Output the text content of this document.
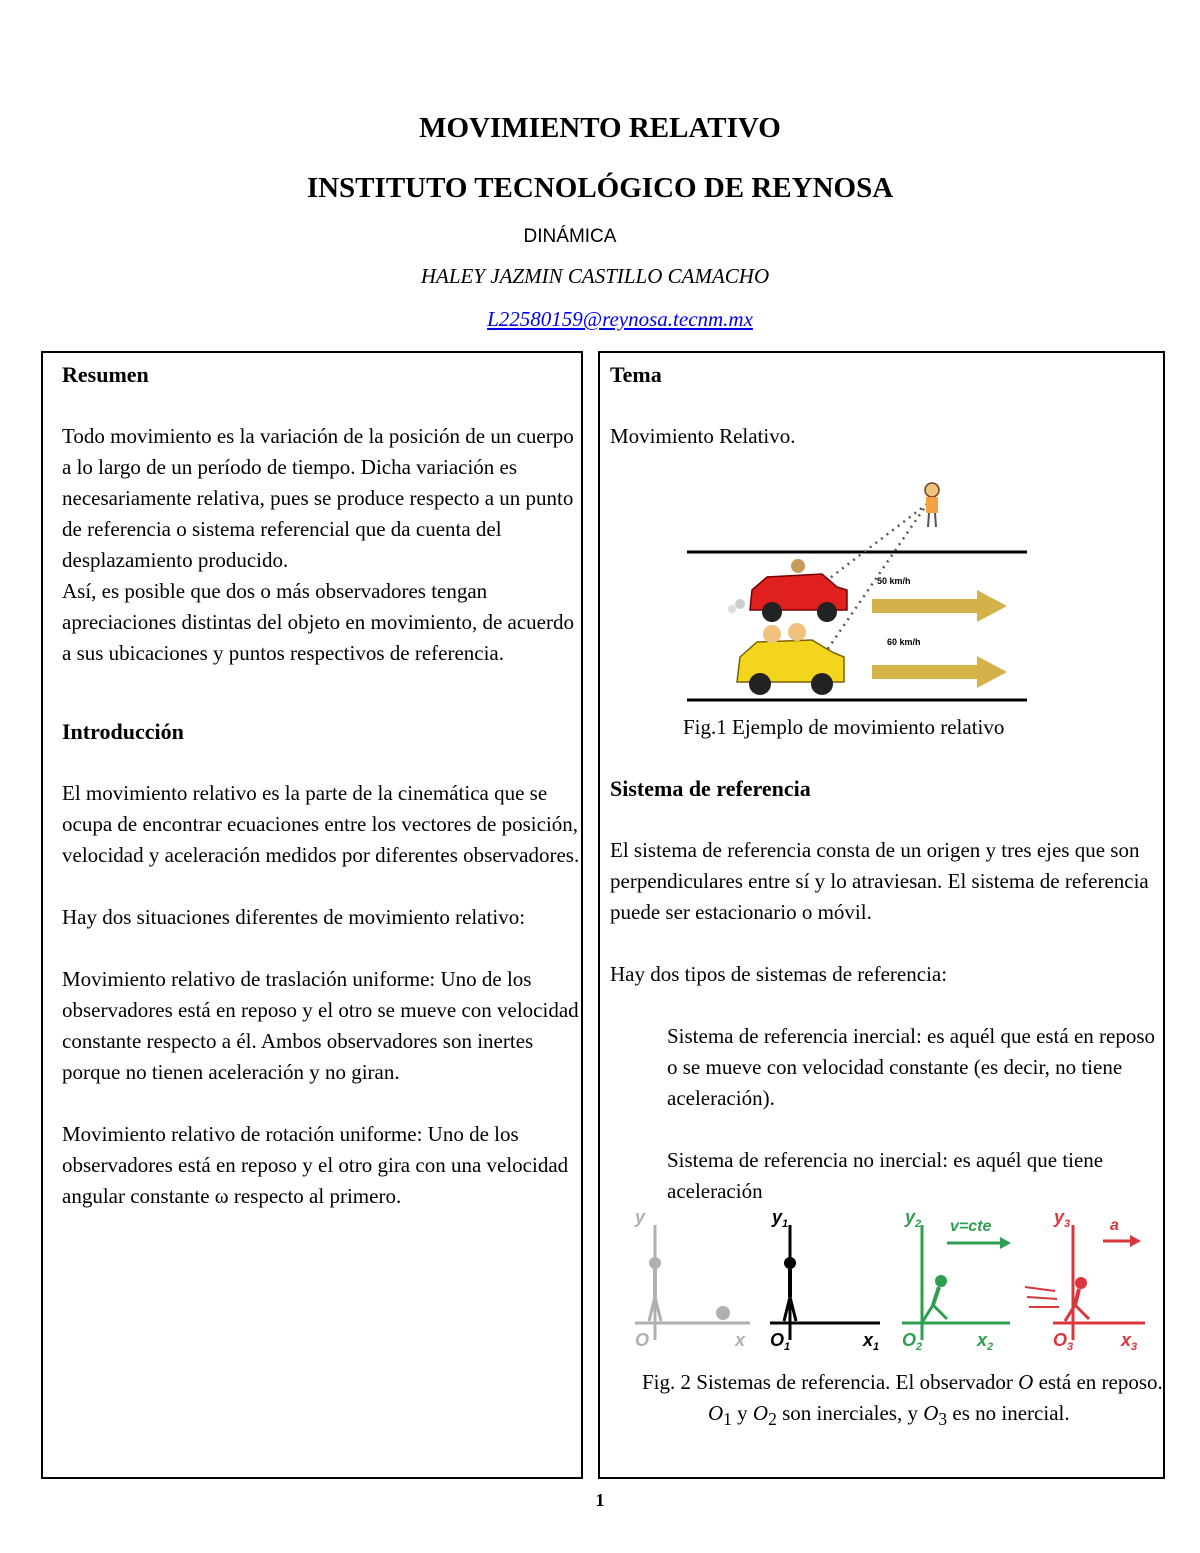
MOVIMIENTO RELATIVO
INSTITUTO TECNOLÓGICO DE REYNOSA
DINÁMICA
HALEY JAZMIN CASTILLO CAMACHO
L22580159@reynosa.tecnm.mx
Resumen

Todo movimiento es la variación de la posición de un cuerpo a lo largo de un período de tiempo. Dicha variación es necesariamente relativa, pues se produce respecto a un punto de referencia o sistema referencial que da cuenta del desplazamiento producido.

Así, es posible que dos o más observadores tengan apreciaciones distintas del objeto en movimiento, de acuerdo a sus ubicaciones y puntos respectivos de referencia.

Introducción

El movimiento relativo es la parte de la cinemática que se ocupa de encontrar ecuaciones entre los vectores de posición, velocidad y aceleración medidos por diferentes observadores.

Hay dos situaciones diferentes de movimiento relativo:

Movimiento relativo de traslación uniforme: Uno de los observadores está en reposo y el otro se mueve con velocidad constante respecto a él. Ambos observadores son inertes porque no tienen aceleración y no giran.

Movimiento relativo de rotación uniforme: Uno de los observadores está en reposo y el otro gira con una velocidad angular constante ω respecto al primero.

Tema

Movimiento Relativo.

50 km/h
60 km/h

Fig.1 Ejemplo de movimiento relativo

Sistema de referencia

El sistema de referencia consta de un origen y tres ejes que son perpendiculares entre sí y lo atraviesan. El sistema de referencia puede ser estacionario o móvil.

Hay dos tipos de sistemas de referencia:

Sistema de referencia inercial: es aquél que está en reposo o se mueve con velocidad constante (es decir, no tiene aceleración).

Sistema de referencia no inercial: es aquél que tiene aceleración

y
O	x
$y_1$
$O_1$	$x_1$
$y_2$ v=cte
$O_2$	$x_2$
$y_3$ a
$O_3$	$x_3$

Fig. 2 Sistemas de referencia. El observador O está en reposo. $O_1$ y $O_2$ son inerciales, y $O_3$ es no inercial.

1
